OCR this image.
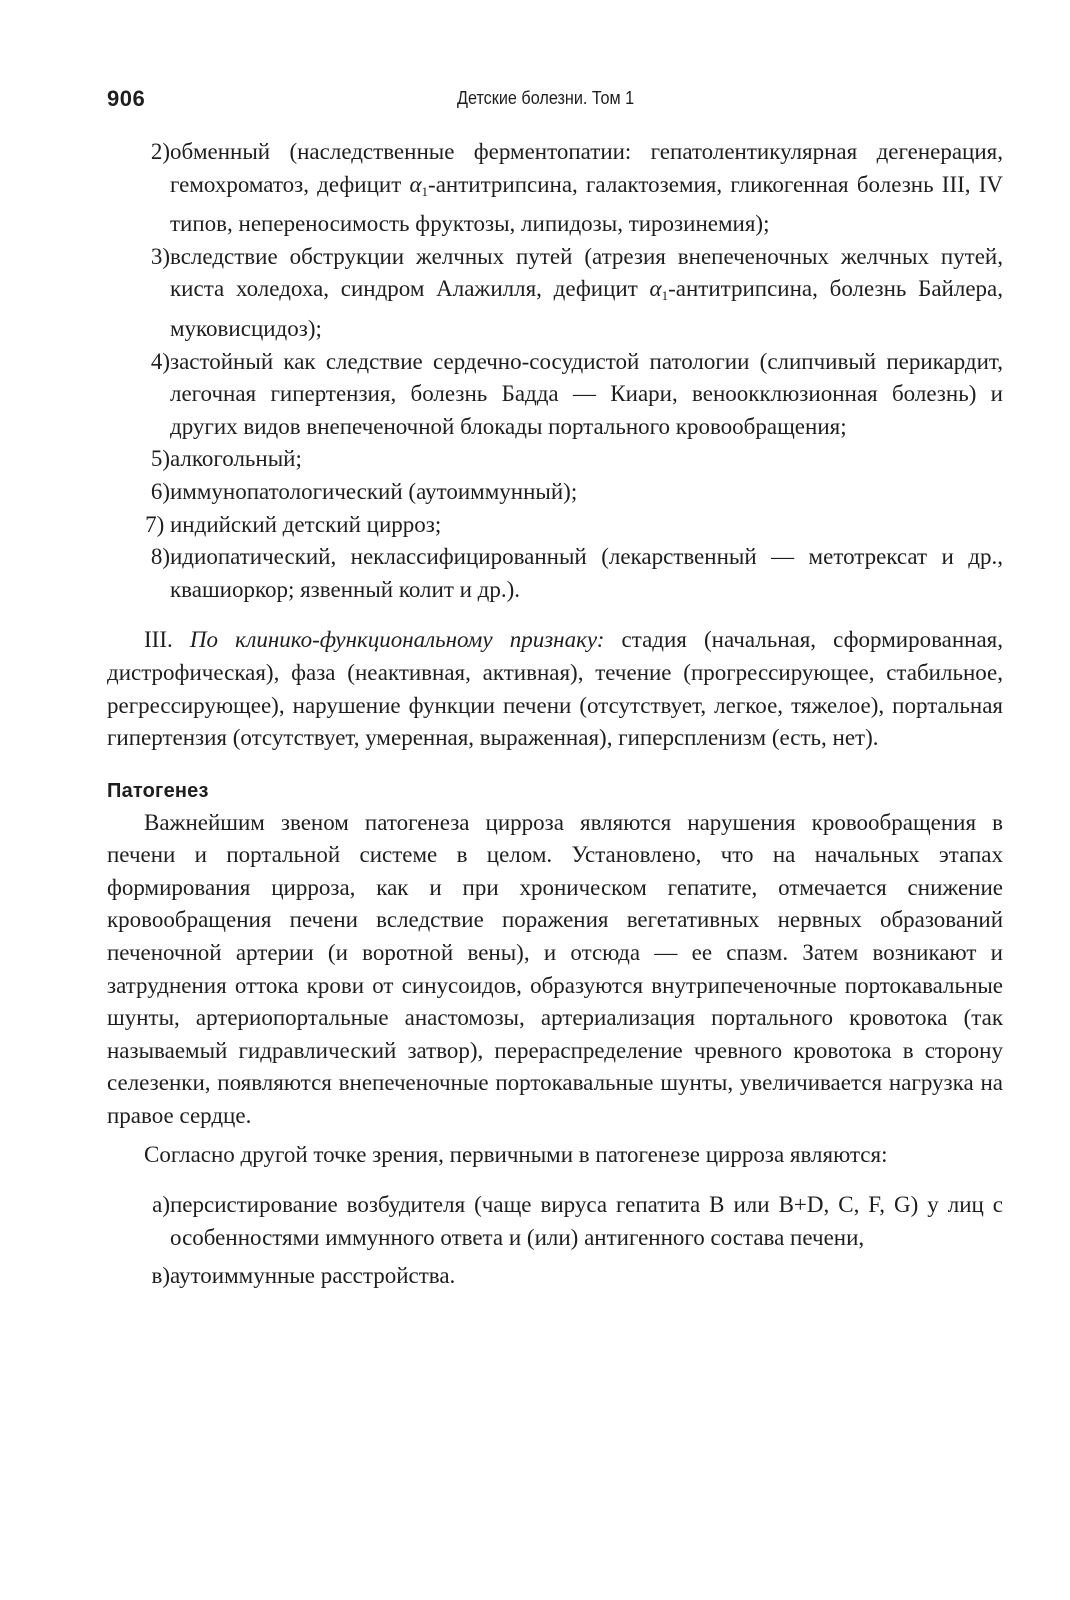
906	Детские болезни. Том 1
2) обменный (наследственные ферментопатии: гепатолентикулярная дегенерация, гемохроматоз, дефицит $\alpha_1$-антитрипсина, галактоземия, гликогенная болезнь III, IV типов, непереносимость фруктозы, липидозы, тирозинемия);
3) вследствие обструкции желчных путей (атрезия внепеченочных желчных путей, киста холедоха, синдром Алажилля, дефицит $\alpha_1$-антитрипсина, болезнь Байлера, муковисцидоз);
4) застойный как следствие сердечно-сосудистой патологии (слипчивый перикардит, легочная гипертензия, болезнь Бадда — Киари, веноокклюзионная болезнь) и других видов внепеченочной блокады портального кровообращения;
5) алкогольный;
6) иммунопатологический (аутоиммунный);
7) индийский детский цирроз;
8) идиопатический, неклассифицированный (лекарственный — метотрексат и др., квашиоркор; язвенный колит и др.).

III. По клинико-функциональному признаку: стадия (начальная, сформированная, дистрофическая), фаза (неактивная, активная), течение (прогрессирующее, стабильное, регрессирующее), нарушение функции печени (отсутствует, легкое, тяжелое), портальная гипертензия (отсутствует, умеренная, выраженная), гиперспленизм (есть, нет).

Патогенез

Важнейшим звеном патогенеза цирроза являются нарушения кровообращения в печени и портальной системе в целом. Установлено, что на начальных этапах формирования цирроза, как и при хроническом гепатите, отмечается снижение кровообращения печени вследствие поражения вегетативных нервных образований печеночной артерии (и воротной вены), и отсюда — ее спазм. Затем возникают и затруднения оттока крови от синусоидов, образуются внутрипеченочные портокавальные шунты, артериопортальные анастомозы, артериализация портального кровотока (так называемый гидравлический затвор), перераспределение чревного кровотока в сторону селезенки, появляются внепеченочные портокавальные шунты, увеличивается нагрузка на правое сердце.

Согласно другой точке зрения, первичными в патогенезе цирроза являются:

а) персистирование возбудителя (чаще вируса гепатита B или B+D, C, F, G) у лиц с особенностями иммунного ответа и (или) антигенного состава печени,
в) аутоиммунные расстройства.
